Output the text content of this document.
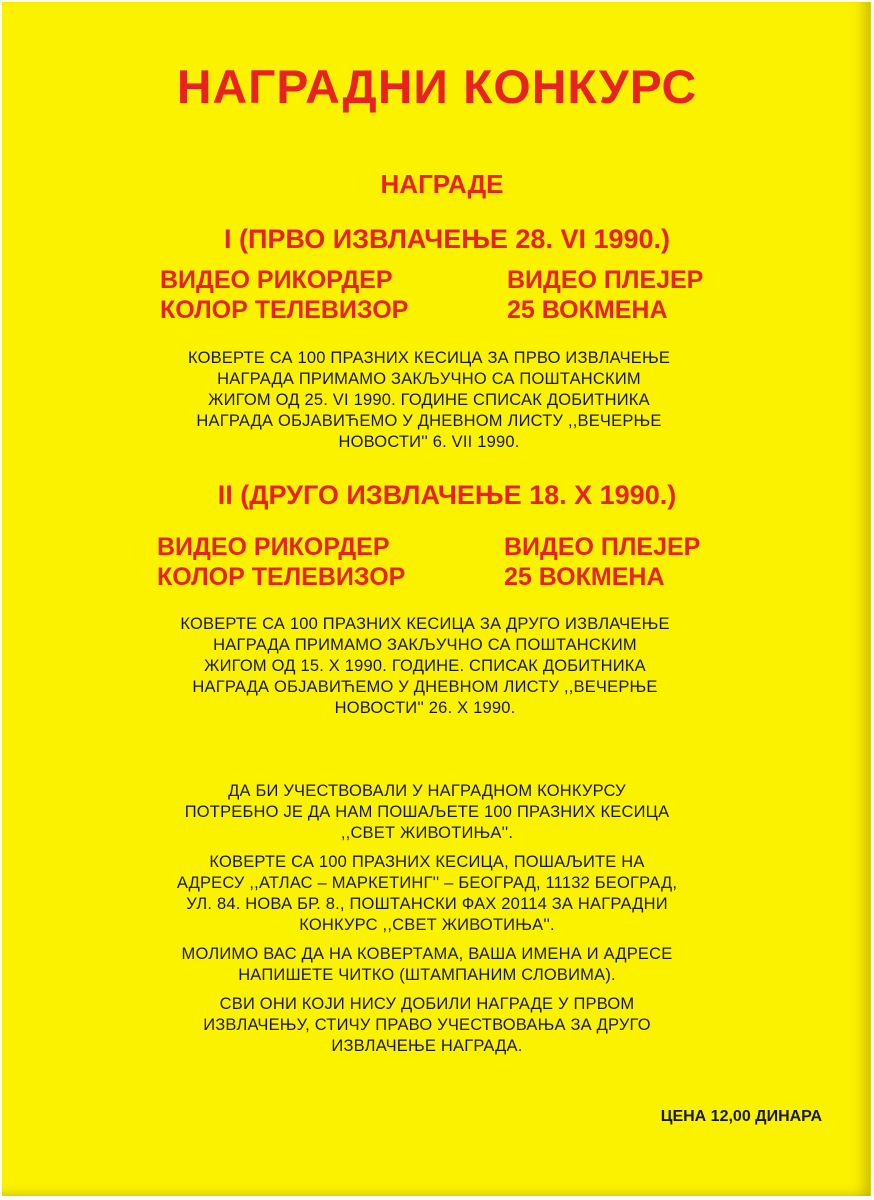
НАГРАДНИ КОНКУРС
НАГРАДЕ
I (ПРВО ИЗВЛАЧЕЊЕ 28. VI 1990.)
ВИДЕО РИКОРДЕР
КОЛОР ТЕЛЕВИЗОР
ВИДЕО ПЛЕЈЕР
25 ВОКМЕНА
КОВЕРТЕ СА 100 ПРАЗНИХ КЕСИЦА ЗА ПРВО ИЗВЛАЧЕЊЕ
НАГРАДА ПРИМАМО ЗАКЉУЧНО СА ПОШТАНСКИМ
ЖИГОМ ОД 25. VI 1990. ГОДИНЕ СПИСАК ДОБИТНИКА
НАГРАДА ОБЈАВИЋЕМО У ДНЕВНОМ ЛИСТУ ,,ВЕЧЕРЊЕ
НОВОСТИ'' 6. VII 1990.
II (ДРУГО ИЗВЛАЧЕЊЕ 18. X 1990.)
ВИДЕО РИКОРДЕР
КОЛОР ТЕЛЕВИЗОР
ВИДЕО ПЛЕЈЕР
25 ВОКМЕНА
КОВЕРТЕ СА 100 ПРАЗНИХ КЕСИЦА ЗА ДРУГО ИЗВЛАЧЕЊЕ
НАГРАДА ПРИМАМО ЗАКЉУЧНО СА ПОШТАНСКИМ
ЖИГОМ ОД 15. X 1990. ГОДИНЕ. СПИСАК ДОБИТНИКА
НАГРАДА ОБЈАВИЋЕМО У ДНЕВНОМ ЛИСТУ ,,ВЕЧЕРЊЕ
НОВОСТИ'' 26. X 1990.
ДА БИ УЧЕСТВОВАЛИ У НАГРАДНОМ КОНКУРСУ
ПОТРЕБНО ЈЕ ДА НАМ ПОШАЉЕТЕ 100 ПРАЗНИХ КЕСИЦА
,,СВЕТ ЖИВОТИЊА''.
КОВЕРТЕ СА 100 ПРАЗНИХ КЕСИЦА, ПОШАЉИТЕ НА
АДРЕСУ ,,АТЛАС – МАРКЕТИНГ'' – БЕОГРАД, 11132 БЕОГРАД,
УЛ. 84. НОВА БР. 8., ПОШТАНСКИ ФАХ 20114 ЗА НАГРАДНИ
КОНКУРС ,,СВЕТ ЖИВОТИЊА''.
МОЛИМО ВАС ДА НА КОВЕРТАМА, ВАША ИМЕНА И АДРЕСЕ
НАПИШЕТЕ ЧИТКО (ШТАМПАНИМ СЛОВИМА).
СВИ ОНИ КОЈИ НИСУ ДОБИЛИ НАГРАДЕ У ПРВОМ
ИЗВЛАЧЕЊУ, СТИЧУ ПРАВО УЧЕСТВОВАЊА ЗА ДРУГО
ИЗВЛАЧЕЊЕ НАГРАДА.
ЦЕНА 12,00 ДИНАРА
